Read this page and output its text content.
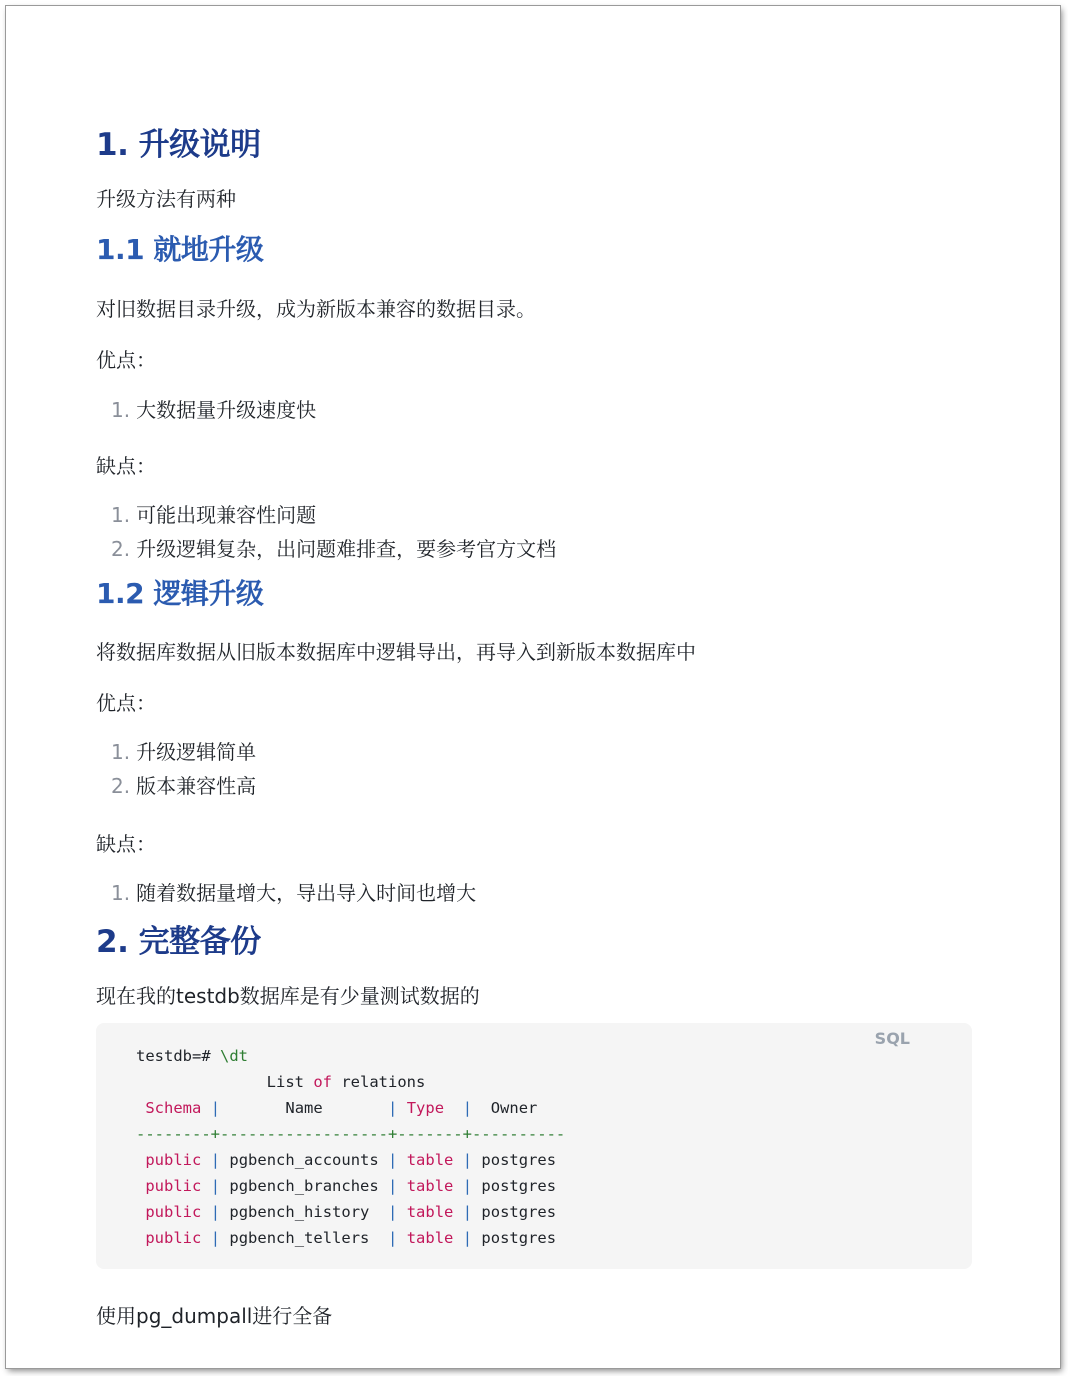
1. 升级说明

升级方法有两种

1.1 就地升级

对旧数据目录升级，成为新版本兼容的数据目录。

优点：

1. 大数据量升级速度快

缺点：

1. 可能出现兼容性问题
2. 升级逻辑复杂，出问题难排查，要参考官方文档
1.2 逻辑升级

将数据库数据从旧版本数据库中逻辑导出，再导入到新版本数据库中

优点：

1. 升级逻辑简单
2. 版本兼容性高

缺点：

1. 随着数据量增大，导出导入时间也增大
2. 完整备份

现在我的testdb数据库是有少量测试数据的

SQL
testdb=# \dt
List of relations
Schema |	Name	| Type | Owner
--------+------------------+-------+----------
public | pgbench_accounts | table | postgres
public | pgbench_branches | table | postgres
public | pgbench_history | table | postgres
public | pgbench_tellers | table | postgres

使用pg_dumpall进行全备
